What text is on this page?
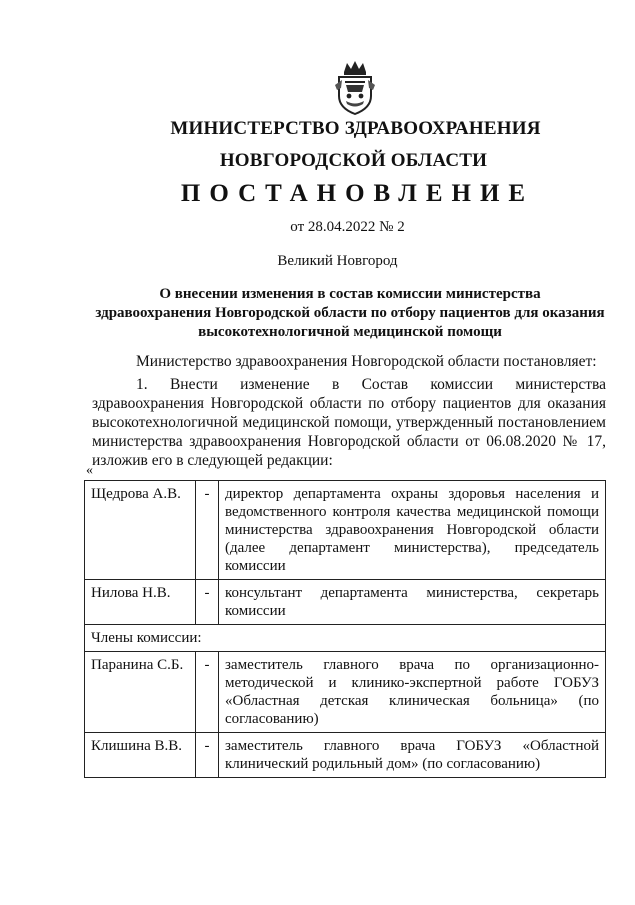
МИНИСТЕРСТВО ЗДРАВООХРАНЕНИЯ
НОВГОРОДСКОЙ ОБЛАСТИ
ПОСТАНОВЛЕНИЕ
от 28.04.2022 № 2
Великий Новгород
О внесении изменения в состав комиссии министерства
здравоохранения Новгородской области по отбору пациентов для оказания
высокотехнологичной медицинской помощи
Министерство здравоохранения Новгородской области постановляет:
1. Внести изменение в Состав комиссии министерства здравоохранения Новгородской области по отбору пациентов для оказания высокотехнологичной медицинской помощи, утвержденный постановлением министерства здравоохранения Новгородской области от 06.08.2020 № 17, изложив его в следующей редакции:
«
Щедрова А.В.	-	директор департамента охраны здоровья населения и ведомственного контроля качества медицинской помощи министерства здравоохранения Новгородской области (далее департамент министерства), председатель комиссии
Нилова Н.В.	-	консультант департамента министерства, секретарь комиссии
Члены комиссии:		
Паранина С.Б.	-	заместитель главного врача по организационно-методической и клинико-экспертной работе ГОБУЗ «Областная детская клиническая больница» (по согласованию)
Клишина В.В.	-	заместитель главного врача ГОБУЗ «Областной клинический родильный дом» (по согласованию)
